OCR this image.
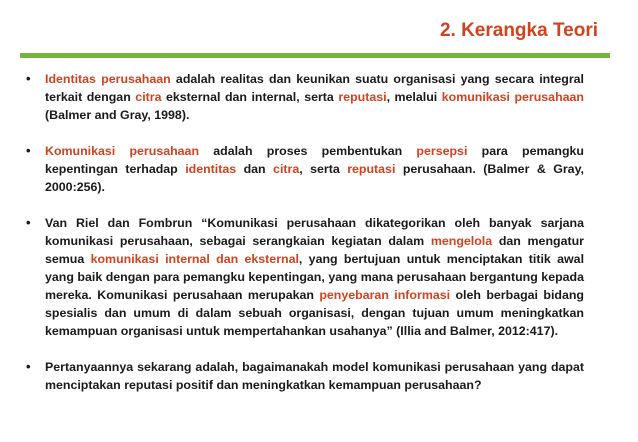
2. Kerangka Teori
• Identitas perusahaan adalah realitas dan keunikan suatu organisasi yang secara integral terkait dengan citra eksternal dan internal, serta reputasi, melalui komunikasi perusahaan (Balmer and Gray, 1998).
• Komunikasi perusahaan adalah proses pembentukan persepsi para pemangku kepentingan terhadap identitas dan citra, serta reputasi perusahaan. (Balmer & Gray, 2000:256).
• Van Riel dan Fombrun “Komunikasi perusahaan dikategorikan oleh banyak sarjana komunikasi perusahaan, sebagai serangkaian kegiatan dalam mengelola dan mengatur semua komunikasi internal dan eksternal, yang bertujuan untuk menciptakan titik awal yang baik dengan para pemangku kepentingan, yang mana perusahaan bergantung kepada mereka. Komunikasi perusahaan merupakan penyebaran informasi oleh berbagai bidang spesialis dan umum di dalam sebuah organisasi, dengan tujuan umum meningkatkan kemampuan organisasi untuk mempertahankan usahanya” (Illia and Balmer, 2012:417).
• Pertanyaannya sekarang adalah, bagaimanakah model komunikasi perusahaan yang dapat menciptakan reputasi positif dan meningkatkan kemampuan perusahaan?
